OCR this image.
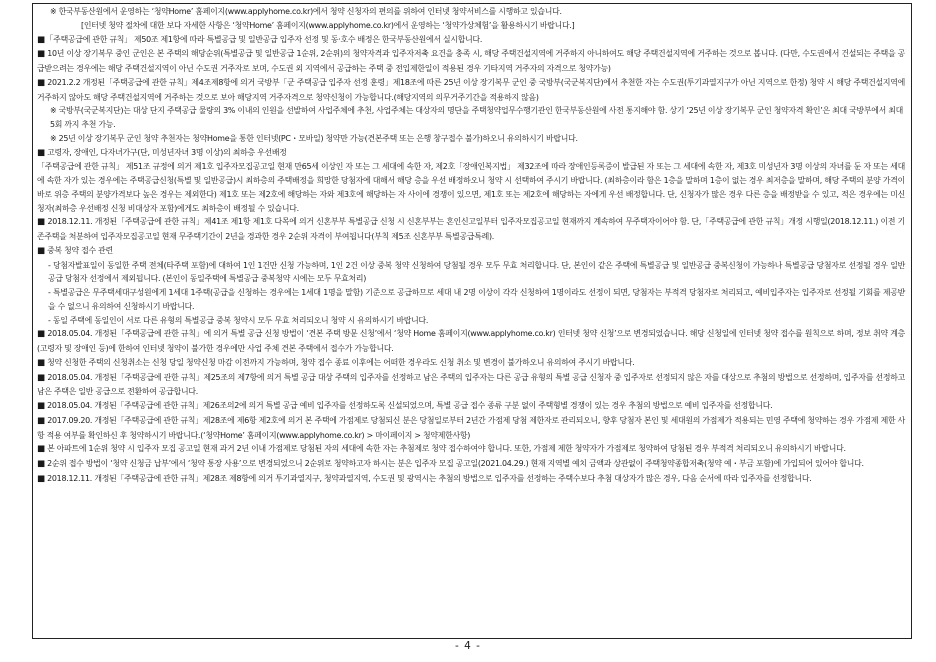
※ 한국부동산원에서 운영하는 ‘청약Home’ 홈페이지(www.applyhome.co.kr)에서 청약 신청자의 편의를 위하여 인터넷 청약서비스를 시행하고 있습니다.

[인터넷 청약 절차에 대한 보다 자세한 사항은 ‘청약Home’ 홈페이지(www.applyhome.co.kr)에서 운영하는 ‘청약가상체험’을 활용하시기 바랍니다.]

■「주택공급에 관한 규칙」 제50조 제1항에 따라 특별공급 및 일반공급 입주자 선정 및 동·호수 배정은 한국부동산원에서 실시합니다.

■ 10년 이상 장기복무 중인 군인은 본 주택의 해당순위(특별공급 및 일반공급 1순위, 2순위)의 청약자격과 입주자저축 요건을 충족 시, 해당 주택건설지역에 거주하지 아니하여도 해당 주택건설지역에 거주하는 것으로 봅니다. (다만, 수도권에서 건설되는 주택을 공급받으려는 경우에는 해당 주택건설지역이 아닌 수도권 거주자로 보며, 수도권 외 지역에서 공급하는 주택 중 전입제한일이 적용된 경우 기타지역 거주자의 자격으로 청약가능)

■ 2021.2.2 개정된「주택공급에 관한 규칙」제4조제8항에 의거 국방부「군 주택공급 입주자 선정 훈령」제18조에 따른 25년 이상 장기복무 군인 중 국방부(국군복지단)에서 추천한 자는 수도권(투기과열지구가 아닌 지역으로 한정) 청약 시 해당 주택건설지역에 거주하지 않아도 해당 주택건설지역에 거주하는 것으로 보아 해당지역 거주자격으로 청약신청이 가능합니다.(해당지역의 의무거주기간을 적용하지 않음)

※ 국방부(국군복지단)는 대상 단지 주택공급 물량의 3% 이내의 인원을 선발하여 사업주체에 추천, 사업주체는 대상자의 명단을 주택청약업무수행기관인 한국부동산원에 사전 통지해야 함. 상기 ‘25년 이상 장기복무 군인 청약자격 확인’은 최대 국방부에서 최대 5회 까지 추천 가능.

※ 25년 이상 장기복무 군인 청약 추천자는 청약Home을 통한 인터넷(PC・모바일) 청약만 가능(견본주택 또는 은행 창구접수 불가)하오니 유의하시기 바랍니다.

■ 고령자, 장애인, 다자녀가구(단, 미성년자녀 3명 이상)의 최하층 우선배정

「주택공급에 관한 규칙」 제51조 규정에 의거 제1호 입주자모집공고일 현재 만65세 이상인 자 또는 그 세대에 속한 자, 제2호「장애인복지법」 제32조에 따라 장애인등록증이 발급된 자 또는 그 세대에 속한 자, 제3호 미성년자 3명 이상의 자녀를 둔 자 또는 세대에 속한 자가 있는 경우에는 주택공급신청(특별 및 일반공급)시 최하층의 주택배정을 희망한 당첨자에 대해서 해당 층을 우선 배정하오니 청약 시 선택하여 주시기 바랍니다. (최하층이라 함은 1층을 말하며 1층이 없는 경우 최저층을 말하며, 해당 주택의 분양 가격이 바로 위층 주택의 분양가격보다 높은 경우는 제외한다) 제1호 또는 제2호에 해당하는 자와 제3호에 해당하는 자 사이에 경쟁이 있으면, 제1호 또는 제2호에 해당하는 자에게 우선 배정합니다. 단, 신청자가 많은 경우 다른 층을 배정받을 수 있고, 적은 경우에는 미신청자(최하층 우선배정 신청 비대상자 포함)에게도 최하층이 배정될 수 있습니다.

■ 2018.12.11. 개정된「주택공급에 관한 규칙」제41조 제1항 제1호 다목에 의거 신혼부부 특별공급 신청 시 신혼부부는 혼인신고일부터 입주자모집공고일 현재까지 계속하여 무주택자이어야 함. 단,「주택공급에 관한 규칙」개정 시행일(2018.12.11.) 이전 기존주택을 처분하여 입주자모집공고일 현재 무주택기간이 2년을 경과한 경우 2순위 자격이 부여됩니다(부칙 제5조 신혼부부 특별공급특례).

■ 중복 청약 접수 관련

- 당첨자발표일이 동일한 주택 전체(타주택 포함)에 대하여 1인 1건만 신청 가능하며, 1인 2건 이상 중복 청약 신청하여 당첨될 경우 모두 무효 처리합니다. 단, 본인이 같은 주택에 특별공급 및 일반공급 중복신청이 가능하나 특별공급 당첨자로 선정될 경우 일반공급 당첨자 선정에서 제외됩니다. (본인이 동일주택에 특별공급 중복청약 시에는 모두 무효처리)

- 특별공급은 무주택세대구성원에게 1세대 1주택(공급을 신청하는 경우에는 1세대 1명을 말함) 기준으로 공급하므로 세대 내 2명 이상이 각각 신청하여 1명이라도 선정이 되면, 당첨자는 부적격 당첨자로 처리되고, 예비입주자는 입주자로 선정될 기회를 제공받을 수 없으니 유의하여 신청하시기 바랍니다.

- 동일 주택에 동일인이 서로 다른 유형의 특별공급 중복 청약시 모두 무효 처리되오니 청약 시 유의하시기 바랍니다.

■ 2018.05.04. 개정된「주택공급에 관한 규칙」에 의거 특별 공급 신청 방법이 ‘견본 주택 방문 신청’에서 ‘청약 Home 홈페이지(www.applyhome.co.kr) 인터넷 청약 신청’으로 변경되었습니다. 해당 신청일에 인터넷 청약 접수를 원칙으로 하며, 정보 취약 계층(고령자 및 장애인 등)에 한하여 인터넷 청약이 불가한 경우에만 사업 주체 견본 주택에서 접수가 가능합니다.

■ 청약 신청한 주택의 신청취소는 신청 당일 청약신청 마감 이전까지 가능하며, 청약 접수 종료 이후에는 어떠한 경우라도 신청 취소 및 변경이 불가하오니 유의하여 주시기 바랍니다.

■ 2018.05.04. 개정된「주택공급에 관한 규칙」제25조의 제7항에 의거 특별 공급 대상 주택의 입주자를 선정하고 남은 주택의 입주자는 다른 공급 유형의 특별 공급 신청자 중 입주자로 선정되지 않은 자를 대상으로 추첨의 방법으로 선정하며, 입주자를 선정하고 남은 주택은 일반 공급으로 전환하여 공급합니다.

■ 2018.05.04. 개정된「주택공급에 관한 규칙」제26조의2에 의거 특별 공급 예비 입주자를 선정하도록 신설되었으며, 특별 공급 접수 종류 구분 없이 주택형별 경쟁이 있는 경우 추첨의 방법으로 예비 입주자를 선정합니다.

■ 2017.09.20. 개정된「주택공급에 관한 규칙」제28조에 제6항 제2호에 의거 본 주택에 가점제로 당첨되신 분은 당첨일로부터 2년간 가점제 당첨 제한자로 관리되오니, 향후 당첨자 본인 및 세대원의 가점제가 적용되는 민영 주택에 청약하는 경우 가점제 제한 사항 적용 여부를 확인하신 후 청약하시기 바랍니다.(‘청약Home’ 홈페이지(www.applyhome.co.kr) > 마이페이지 > 청약제한사항)

■ 본 아파트에 1순위 청약 시 입주자 모집 공고일 현재 과거 2년 이내 가점제로 당첨된 자의 세대에 속한 자는 추첨제로 청약 접수하여야 합니다. 또한, 가점제 제한 청약자가 가점제로 청약하여 당첨된 경우 부적격 처리되오니 유의하시기 바랍니다.

■ 2순위 접수 방법이 ‘청약 신청금 납부’에서 ‘청약 통장 사용’으로 변경되었으니 2순위로 청약하고자 하시는 분은 입주자 모집 공고일(2021.04.29.) 현재 지역별 예치 금액과 상관없이 주택청약종합저축(청약 예・부금 포함)에 가입되어 있어야 합니다.

■ 2018.12.11. 개정된「주택공급에 관한 규칙」제28조 제8항에 의거 투기과열지구, 청약과열지역, 수도권 및 광역시는 추첨의 방법으로 입주자를 선정하는 주택수보다 추첨 대상자가 많은 경우, 다음 순서에 따라 입주자를 선정합니다.

- 4 -
